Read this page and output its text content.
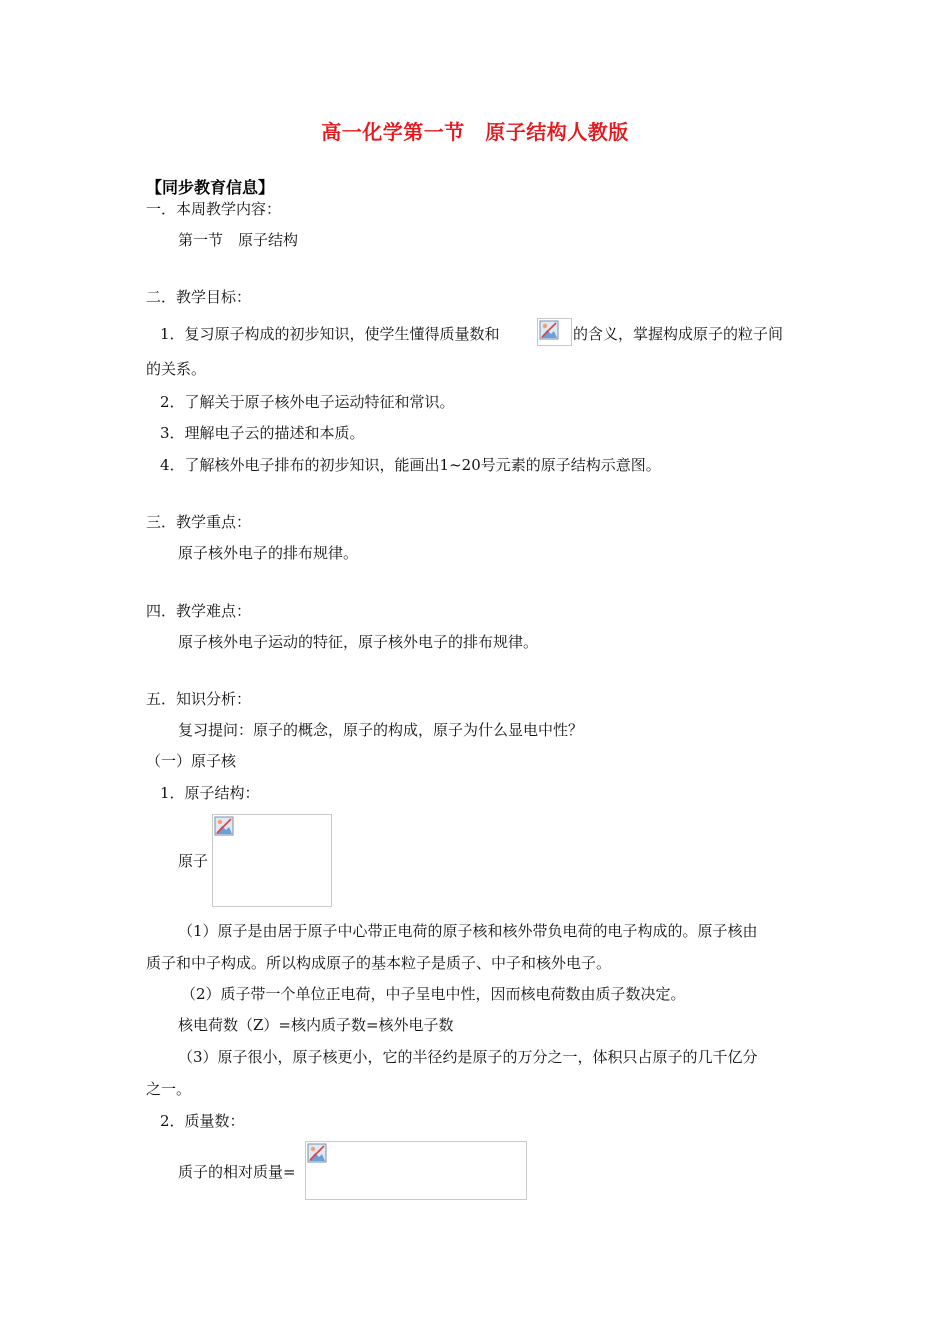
高一化学第一节　原子结构人教版
【同步教育信息】
一．本周教学内容：
第一节　原子结构
二．教学目标：
1．复习原子构成的初步知识，使学生懂得质量数和	的含义，掌握构成原子的粒子间
的关系。
2．了解关于原子核外电子运动特征和常识。
3．理解电子云的描述和本质。
4．了解核外电子排布的初步知识，能画出1~20号元素的原子结构示意图。
三．教学重点：
原子核外电子的排布规律。
四．教学难点：
原子核外电子运动的特征，原子核外电子的排布规律。
五．知识分析：
复习提问：原子的概念，原子的构成，原子为什么显电中性？
（一）原子核
1．原子结构：
原子
（1）原子是由居于原子中心带正电荷的原子核和核外带负电荷的电子构成的。原子核由
质子和中子构成。所以构成原子的基本粒子是质子、中子和核外电子。
（2）质子带一个单位正电荷，中子呈电中性，因而核电荷数由质子数决定。
核电荷数（Z）=核内质子数=核外电子数
（3）原子很小，原子核更小，它的半径约是原子的万分之一，体积只占原子的几千亿分
之一。
2．质量数：
质子的相对质量=
